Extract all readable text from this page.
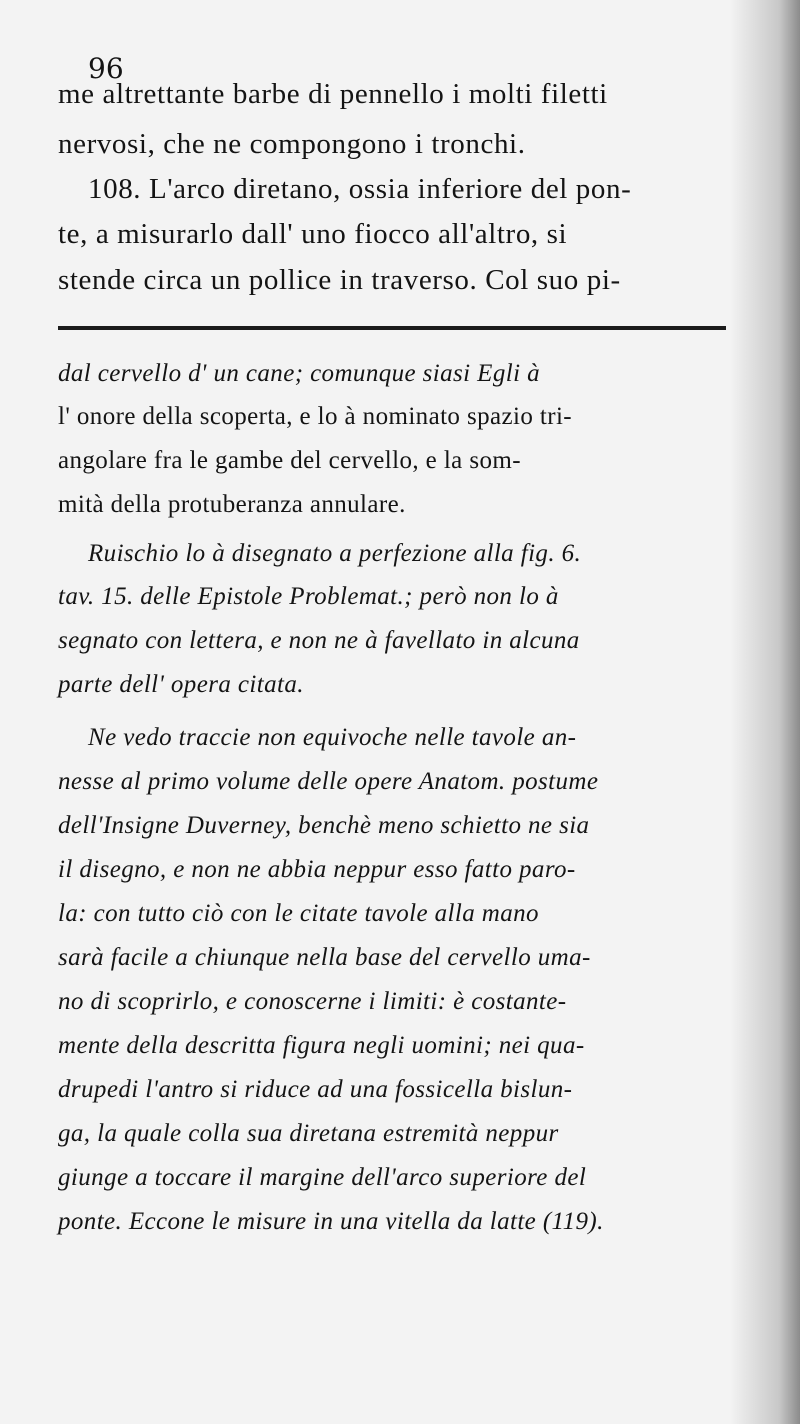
96
me altrettante barbe di pennello i molti filetti
nervosi, che ne compongono i tronchi.
108. L'arco diretano, ossia inferiore del pon-
te, a misurarlo dall' uno fiocco all'altro, si
stende circa un pollice in traverso. Col suo pi-
dal cervello d' un cane; comunque siasi Egli à
l' onore della scoperta, e lo à nominato spazio tri-
angolare fra le gambe del cervello, e la som-
mità della protuberanza annulare.
Ruischio lo à disegnato a perfezione alla fig. 6.
tav. 15. delle Epistole Problemat.; però non lo à
segnato con lettera, e non ne à favellato in alcuna
parte dell' opera citata.
Ne vedo traccie non equivoche nelle tavole an-
nesse al primo volume delle opere Anatom. postume
dell'Insigne Duverney, benchè meno schietto ne sia
il disegno, e non ne abbia neppur esso fatto paro-
la: con tutto ciò con le citate tavole alla mano
sarà facile a chiunque nella base del cervello uma-
no di scoprirlo, e conoscerne i limiti: è costante-
mente della descritta figura negli uomini; nei qua-
drupedi l'antro si riduce ad una fossicella bislun-
ga, la quale colla sua diretana estremità neppur
giunge a toccare il margine dell'arco superiore del
ponte. Eccone le misure in una vitella da latte (119).
